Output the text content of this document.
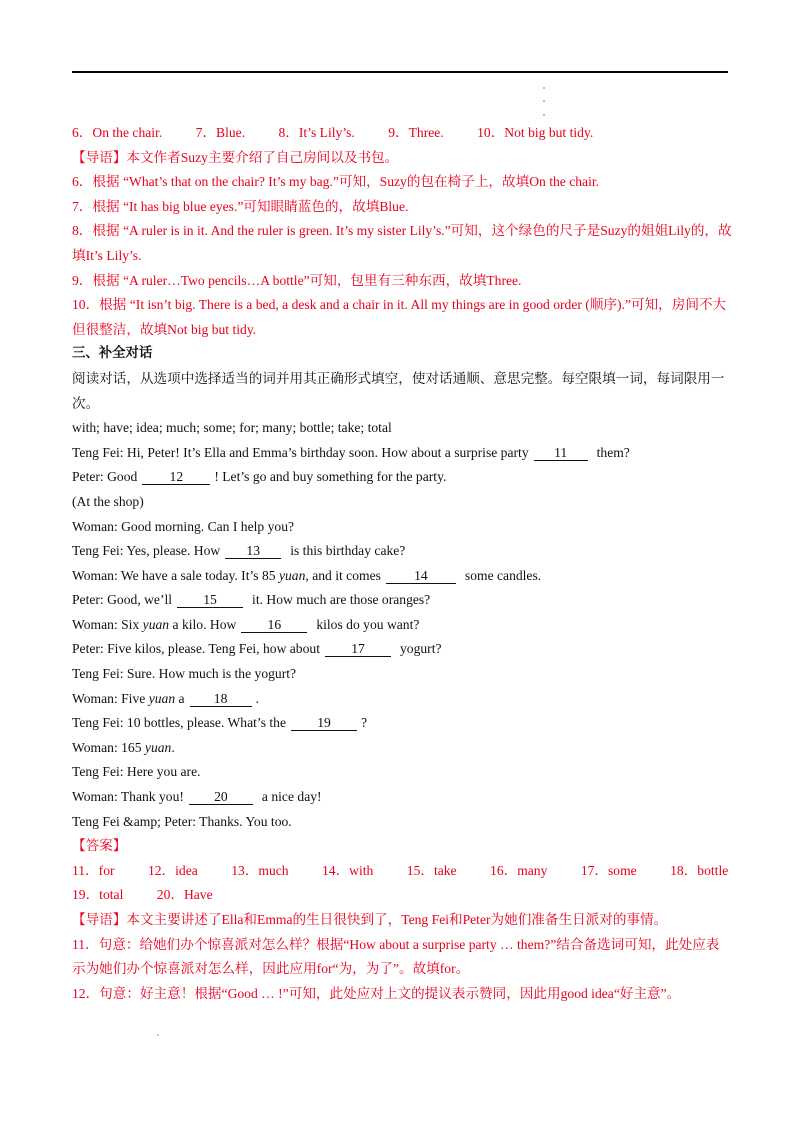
6．On the chair. 7．Blue. 8．It’s Lily’s. 9．Three. 10．Not big but tidy.
【导语】本文作者Suzy主要介绍了自己房间以及书包。
6．根据 “What’s that on the chair? It’s my bag.”可知，Suzy的包在椅子上，故填On the chair.
7．根据 “It has big blue eyes.”可知眼睛蓝色的，故填Blue.
8．根据 “A ruler is in it. And the ruler is green. It’s my sister Lily’s.”可知，这个绿色的尺子是Suzy的姐姐Lily的，故填It’s Lily’s.
9．根据 “A ruler…Two pencils…A bottle”可知，包里有三种东西，故填Three.
10．根据 “It isn’t big. There is a bed, a desk and a chair in it. All my things are in good order (顺序).”可知，房间不大但很整洁，故填Not big but tidy.
三、补全对话
阅读对话，从选项中选择适当的词并用其正确形式填空，使对话通顺、意思完整。每空限填一词，每词限用一次。
with; have; idea; much; some; for; many; bottle; take; total
Teng Fei: Hi, Peter! It’s Ella and Emma’s birthday soon. How about a surprise party 11 them?
Peter: Good 12 ! Let’s go and buy something for the party.
(At the shop)
Woman: Good morning. Can I help you?
Teng Fei: Yes, please. How 13 is this birthday cake?
Woman: We have a sale today. It’s 85 yuan, and it comes 14	some candles.
Peter: Good, we’ll 15	it. How much are those oranges?
Woman: Six yuan a kilo. How 16	kilos do you want?
Peter: Five kilos, please. Teng Fei, how about 17	yogurt?
Teng Fei: Sure. How much is the yogurt?
Woman: Five yuan a 18 .
Teng Fei: 10 bottles, please. What’s the 19 ?
Woman: 165 yuan.
Teng Fei: Here you are.
Woman: Thank you! 20	a nice day!
Teng Fei &amp; Peter: Thanks. You too.
【答案】
11．for 12．idea 13．much 14．with 15．take 16．many 17．some 18．bottle
19．total 20．Have
【导语】本文主要讲述了Ella和Emma的生日很快到了，Teng Fei和Peter为她们准备生日派对的事情。
11．句意：给她们办个惊喜派对怎么样？根据“How about a surprise party … them?”结合备选词可知，此处应表示为她们办个惊喜派对怎么样，因此应用for“为，为了”。故填for。
12．句意：好主意！根据“Good … !”可知，此处应对上文的提议表示赞同，因此用good idea“好主意”。
